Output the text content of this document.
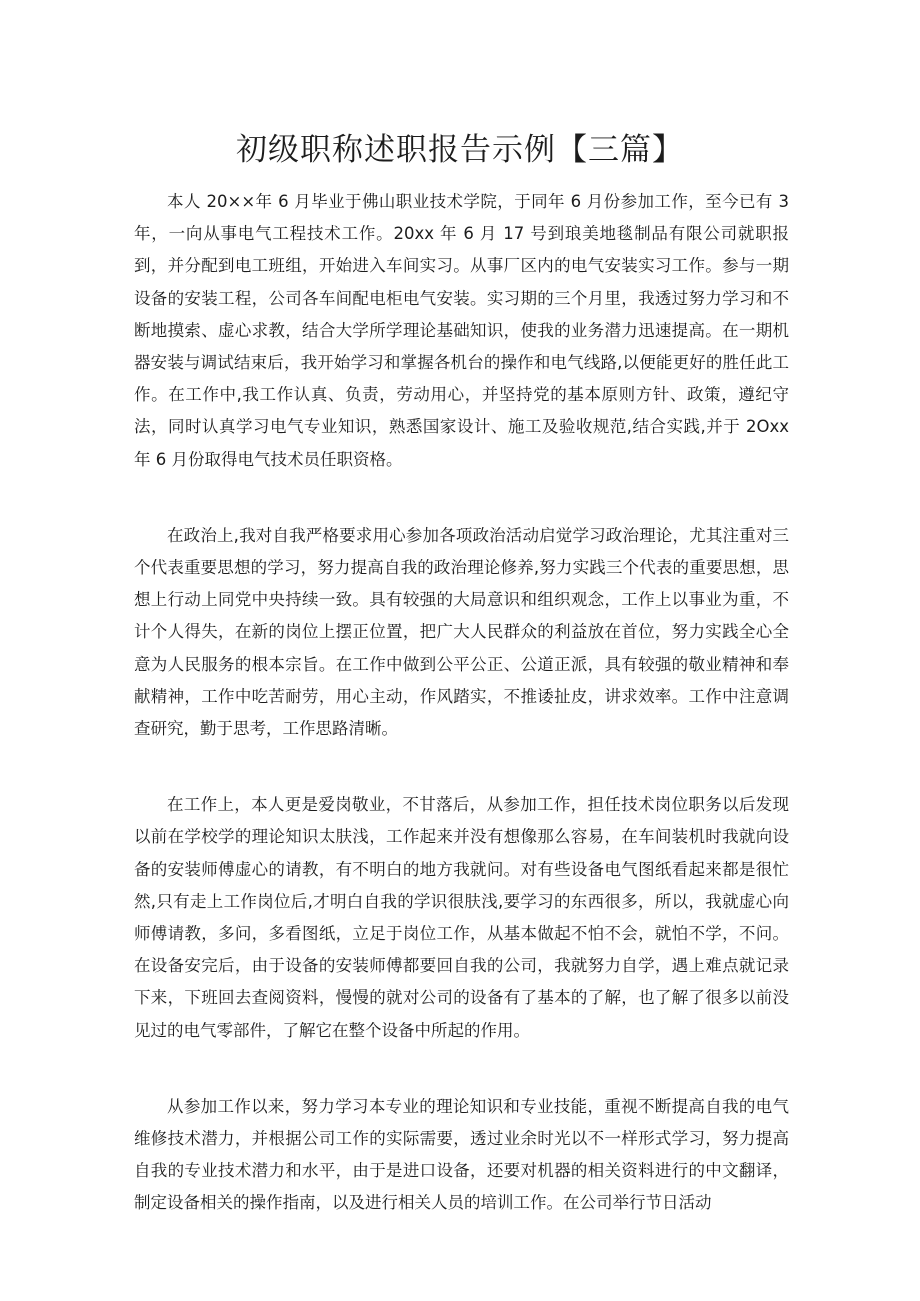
初级职称述职报告示例【三篇】

本人 20××年 6 月毕业于佛山职业技术学院，于同年 6 月份参加工作，至今已有 3 年，一向从事电气工程技术工作。20xx 年 6 月 17 号到琅美地毯制品有限公司就职报到，并分配到电工班组，开始进入车间实习。从事厂区内的电气安装实习工作。参与一期设备的安装工程，公司各车间配电柜电气安装。实习期的三个月里，我透过努力学习和不断地摸索、虚心求教，结合大学所学理论基础知识，使我的业务潜力迅速提高。在一期机器安装与调试结束后，我开始学习和掌握各机台的操作和电气线路,以便能更好的胜任此工作。在工作中,我工作认真、负责，劳动用心，并坚持党的基本原则方针、政策，遵纪守法，同时认真学习电气专业知识，熟悉国家设计、施工及验收规范,结合实践,并于 2Oxx 年 6 月份取得电气技术员任职资格。

在政治上,我对自我严格要求用心参加各项政治活动启觉学习政治理论，尤其注重对三个代表重要思想的学习，努力提高自我的政治理论修养,努力实践三个代表的重要思想，思想上行动上同党中央持续一致。具有较强的大局意识和组织观念，工作上以事业为重，不计个人得失，在新的岗位上摆正位置，把广大人民群众的利益放在首位，努力实践全心全意为人民服务的根本宗旨。在工作中做到公平公正、公道正派，具有较强的敬业精神和奉献精神，工作中吃苦耐劳，用心主动，作风踏实，不推诿扯皮，讲求效率。工作中注意调查研究，勤于思考，工作思路清晰。

在工作上，本人更是爱岗敬业，不甘落后，从参加工作，担任技术岗位职务以后发现以前在学校学的理论知识太肤浅，工作起来并没有想像那么容易，在车间装机时我就向设备的安装师傅虚心的请教，有不明白的地方我就问。对有些设备电气图纸看起来都是很忙然,只有走上工作岗位后,才明白自我的学识很肤浅,要学习的东西很多，所以，我就虚心向师傅请教，多问，多看图纸，立足于岗位工作，从基本做起不怕不会，就怕不学，不问。在设备安完后，由于设备的安装师傅都要回自我的公司，我就努力自学，遇上难点就记录下来，下班回去查阅资料，慢慢的就对公司的设备有了基本的了解，也了解了很多以前没见过的电气零部件，了解它在整个设备中所起的作用。

从参加工作以来，努力学习本专业的理论知识和专业技能，重视不断提高自我的电气维修技术潜力，并根据公司工作的实际需要，透过业余时光以不一样形式学习，努力提高自我的专业技术潜力和水平，由于是进口设备，还要对机器的相关资料进行的中文翻译，制定设备相关的操作指南，以及进行相关人员的培训工作。在公司举行节日活动
